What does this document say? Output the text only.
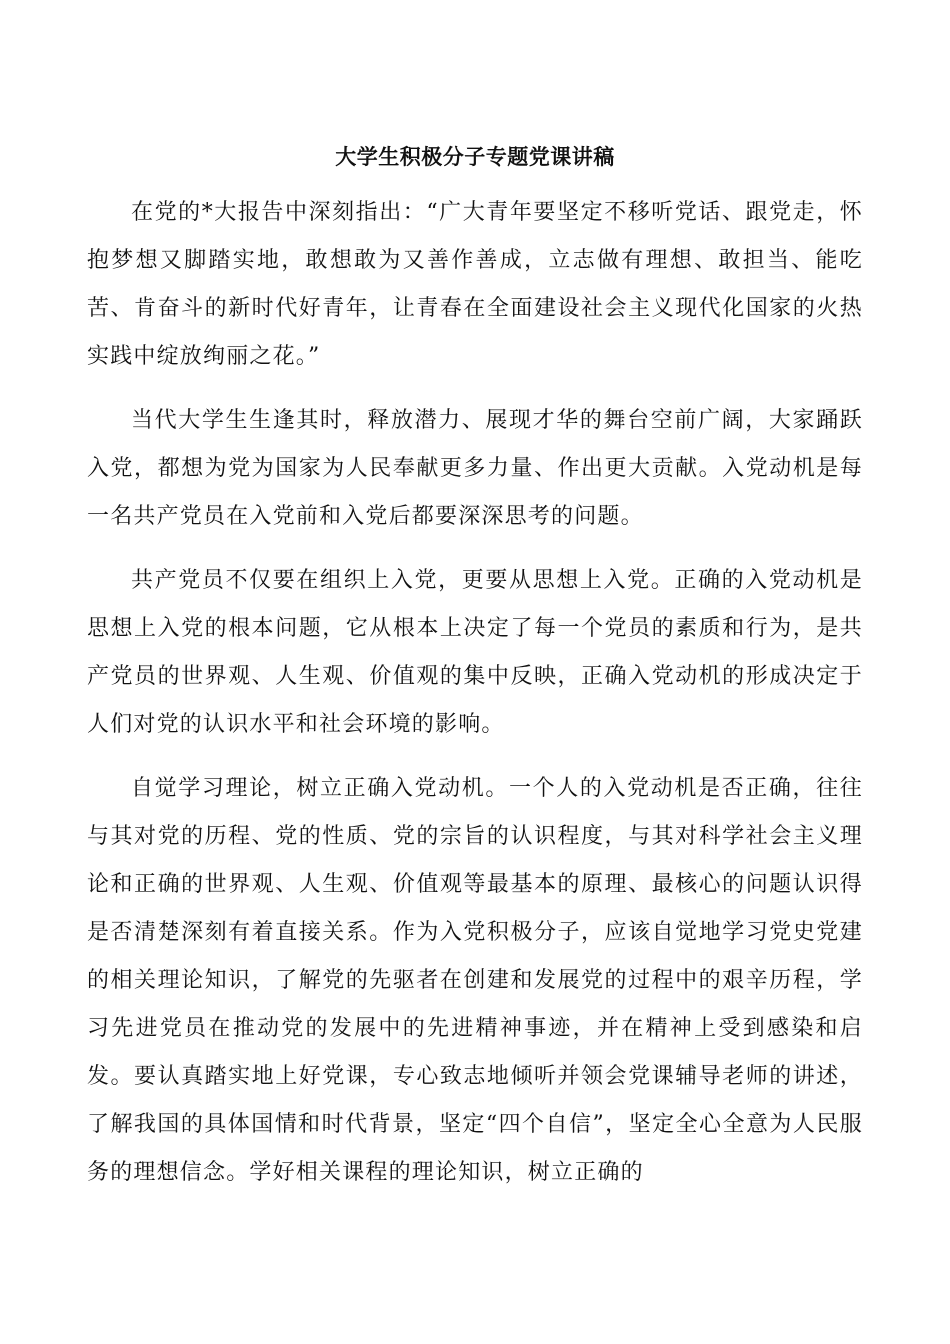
大学生积极分子专题党课讲稿

在党的*大报告中深刻指出：“广大青年要坚定不移听党话、跟党走，怀抱梦想又脚踏实地，敢想敢为又善作善成，立志做有理想、敢担当、能吃苦、肯奋斗的新时代好青年，让青春在全面建设社会主义现代化国家的火热实践中绽放绚丽之花。”

当代大学生生逢其时，释放潜力、展现才华的舞台空前广阔，大家踊跃入党，都想为党为国家为人民奉献更多力量、作出更大贡献。入党动机是每一名共产党员在入党前和入党后都要深深思考的问题。

共产党员不仅要在组织上入党，更要从思想上入党。正确的入党动机是思想上入党的根本问题，它从根本上决定了每一个党员的素质和行为，是共产党员的世界观、人生观、价值观的集中反映，正确入党动机的形成决定于人们对党的认识水平和社会环境的影响。

自觉学习理论，树立正确入党动机。一个人的入党动机是否正确，往往与其对党的历程、党的性质、党的宗旨的认识程度，与其对科学社会主义理论和正确的世界观、人生观、价值观等最基本的原理、最核心的问题认识得是否清楚深刻有着直接关系。作为入党积极分子，应该自觉地学习党史党建的相关理论知识，了解党的先驱者在创建和发展党的过程中的艰辛历程，学习先进党员在推动党的发展中的先进精神事迹，并在精神上受到感染和启发。要认真踏实地上好党课，专心致志地倾听并领会党课辅导老师的讲述，了解我国的具体国情和时代背景，坚定“四个自信”，坚定全心全意为人民服务的理想信念。学好相关课程的理论知识，树立正确的
